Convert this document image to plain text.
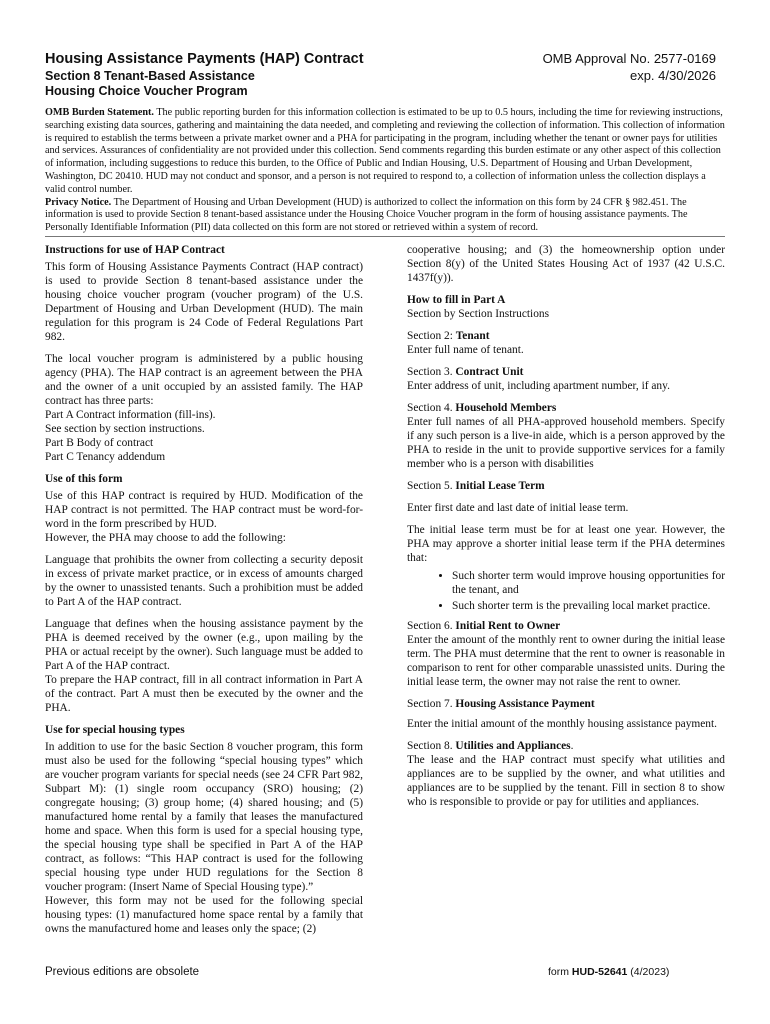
Housing Assistance Payments (HAP) Contract
Section 8 Tenant-Based Assistance
Housing Choice Voucher Program
OMB Approval No. 2577-0169
exp. 4/30/2026
OMB Burden Statement. The public reporting burden for this information collection is estimated to be up to 0.5 hours, including the time for reviewing instructions, searching existing data sources, gathering and maintaining the data needed, and completing and reviewing the collection of information. This collection of information is required to establish the terms between a private market owner and a PHA for participating in the program, including whether the tenant or owner pays for utilities and services. Assurances of confidentiality are not provided under this collection. Send comments regarding this burden estimate or any other aspect of this collection of information, including suggestions to reduce this burden, to the Office of Public and Indian Housing, U.S. Department of Housing and Urban Development, Washington, DC 20410. HUD may not conduct and sponsor, and a person is not required to respond to, a collection of information unless the collection displays a valid control number.
Privacy Notice. The Department of Housing and Urban Development (HUD) is authorized to collect the information on this form by 24 CFR § 982.451. The information is used to provide Section 8 tenant-based assistance under the Housing Choice Voucher program in the form of housing assistance payments. The Personally Identifiable Information (PII) data collected on this form are not stored or retrieved within a system of record.
Instructions for use of HAP Contract

This form of Housing Assistance Payments Contract (HAP contract) is used to provide Section 8 tenant-based assistance under the housing choice voucher program (voucher program) of the U.S. Department of Housing and Urban Development (HUD). The main regulation for this program is 24 Code of Federal Regulations Part 982.

The local voucher program is administered by a public housing agency (PHA). The HAP contract is an agreement between the PHA and the owner of a unit occupied by an assisted family. The HAP contract has three parts:
Part A Contract information (fill-ins).
See section by section instructions.
Part B Body of contract
Part C Tenancy addendum

Use of this form

Use of this HAP contract is required by HUD. Modification of the HAP contract is not permitted. The HAP contract must be word-for-word in the form prescribed by HUD.
However, the PHA may choose to add the following:

Language that prohibits the owner from collecting a security deposit in excess of private market practice, or in excess of amounts charged by the owner to unassisted tenants. Such a prohibition must be added to Part A of the HAP contract.

Language that defines when the housing assistance payment by the PHA is deemed received by the owner (e.g., upon mailing by the PHA or actual receipt by the owner). Such language must be added to Part A of the HAP contract.
To prepare the HAP contract, fill in all contract information in Part A of the contract. Part A must then be executed by the owner and the PHA.

Use for special housing types

In addition to use for the basic Section 8 voucher program, this form must also be used for the following “special housing types” which are voucher program variants for special needs (see 24 CFR Part 982, Subpart M): (1) single room occupancy (SRO) housing; (2) congregate housing; (3) group home; (4) shared housing; and (5) manufactured home rental by a family that leases the manufactured home and space. When this form is used for a special housing type, the special housing type shall be specified in Part A of the HAP contract, as follows: “This HAP contract is used for the following special housing type under HUD regulations for the Section 8 voucher program: (Insert Name of Special Housing type).”
However, this form may not be used for the following special housing types: (1) manufactured home space rental by a family that owns the manufactured home and leases only the space; (2)

cooperative housing; and (3) the homeownership option under Section 8(y) of the United States Housing Act of 1937 (42 U.S.C. 1437f(y)).

How to fill in Part A
Section by Section Instructions

Section 2: Tenant
Enter full name of tenant.

Section 3. Contract Unit
Enter address of unit, including apartment number, if any.

Section 4. Household Members
Enter full names of all PHA-approved household members. Specify if any such person is a live-in aide, which is a person approved by the PHA to reside in the unit to provide supportive services for a family member who is a person with disabilities

Section 5. Initial Lease Term

Enter first date and last date of initial lease term.

The initial lease term must be for at least one year. However, the PHA may approve a shorter initial lease term if the PHA determines that:

• Such shorter term would improve housing opportunities for the tenant, and
• Such shorter term is the prevailing local market practice.

Section 6. Initial Rent to Owner
Enter the amount of the monthly rent to owner during the initial lease term. The PHA must determine that the rent to owner is reasonable in comparison to rent for other comparable unassisted units. During the initial lease term, the owner may not raise the rent to owner.

Section 7. Housing Assistance Payment
Enter the initial amount of the monthly housing assistance payment.

Section 8. Utilities and Appliances.
The lease and the HAP contract must specify what utilities and appliances are to be supplied by the owner, and what utilities and appliances are to be supplied by the tenant. Fill in section 8 to show who is responsible to provide or pay for utilities and appliances.

Previous editions are obsolete	form HUD-52641 (4/2023)
